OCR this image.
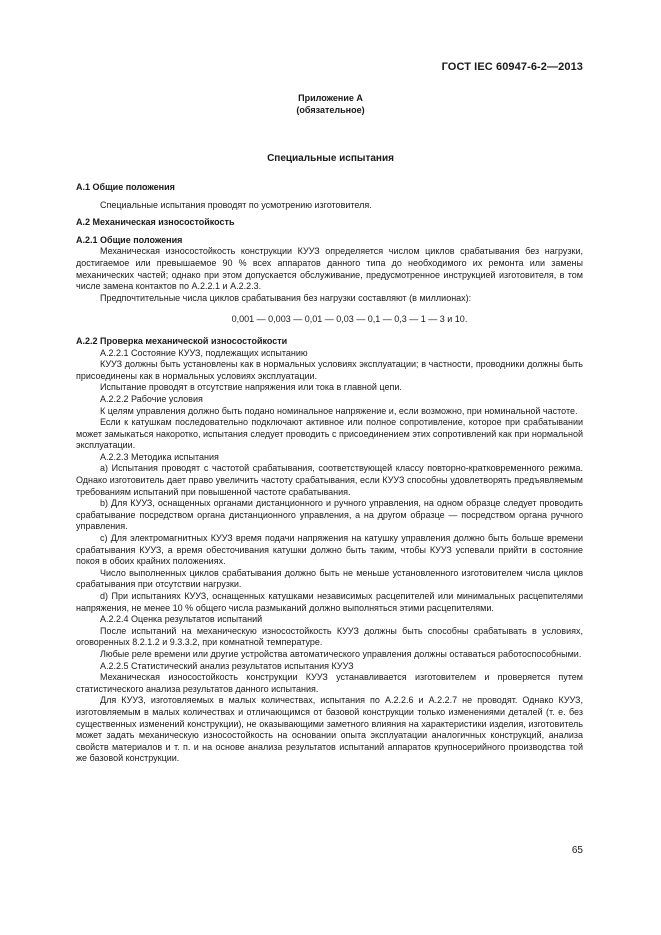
ГОСТ IEC 60947-6-2—2013
Приложение А
(обязательное)
Специальные испытания

А.1 Общие положения

Специальные испытания проводят по усмотрению изготовителя.

А.2 Механическая износостойкость

А.2.1 Общие положения

Механическая износостойкость конструкции КУУЗ определяется числом циклов срабатывания без нагрузки, достигаемое или превышаемое 90 % всех аппаратов данного типа до необходимого их ремонта или замены механических частей; однако при этом допускается обслуживание, предусмотренное инструкцией изготовителя, в том числе замена контактов по А.2.2.1 и А.2.2.3.

Предпочтительные числа циклов срабатывания без нагрузки составляют (в миллионах):

0,001 — 0,003 — 0,01 — 0,03 — 0,1 — 0,3 — 1 — 3 и 10.

А.2.2 Проверка механической износостойкости

А.2.2.1 Состояние КУУЗ, подлежащих испытанию

КУУЗ должны быть установлены как в нормальных условиях эксплуатации; в частности, проводники должны быть присоединены как в нормальных условиях эксплуатации.

Испытание проводят в отсутствие напряжения или тока в главной цепи.

А.2.2.2 Рабочие условия

К целям управления должно быть подано номинальное напряжение и, если возможно, при номинальной частоте.

Если к катушкам последовательно подключают активное или полное сопротивление, которое при срабатывании может замыкаться накоротко, испытания следует проводить с присоединением этих сопротивлений как при нормальной эксплуатации.

А.2.2.3 Методика испытания

а) Испытания проводят с частотой срабатывания, соответствующей классу повторно-кратковременного режима. Однако изготовитель дает право увеличить частоту срабатывания, если КУУЗ способны удовлетворять предъявляемым требованиям испытаний при повышенной частоте срабатывания.

b) Для КУУЗ, оснащенных органами дистанционного и ручного управления, на одном образце следует проводить срабатывание посредством органа дистанционного управления, а на другом образце — посредством органа ручного управления.

c) Для электромагнитных КУУЗ время подачи напряжения на катушку управления должно быть больше времени срабатывания КУУЗ, а время обесточивания катушки должно быть таким, чтобы КУУЗ успевали прийти в состояние покоя в обоих крайних положениях.

Число выполненных циклов срабатывания должно быть не меньше установленного изготовителем числа циклов срабатывания при отсутствии нагрузки.

d) При испытаниях КУУЗ, оснащенных катушками независимых расцепителей или минимальных расцепителями напряжения, не менее 10 % общего числа размыканий должно выполняться этими расцепителями.

А.2.2.4 Оценка результатов испытаний

После испытаний на механическую износостойкость КУУЗ должны быть способны срабатывать в условиях, оговоренных 8.2.1.2 и 9.3.3.2, при комнатной температуре.

Любые реле времени или другие устройства автоматического управления должны оставаться работоспособными.

А.2.2.5 Статистический анализ результатов испытания КУУЗ

Механическая износостойкость конструкции КУУЗ устанавливается изготовителем и проверяется путем статистического анализа результатов данного испытания.

Для КУУЗ, изготовляемых в малых количествах, испытания по А.2.2.6 и А.2.2.7 не проводят. Однако КУУЗ, изготовляемым в малых количествах и отличающимся от базовой конструкции только изменениями деталей (т. е. без существенных изменений конструкции), не оказывающими заметного влияния на характеристики изделия, изготовитель может задать механическую износостойкость на основании опыта эксплуатации аналогичных конструкций, анализа свойств материалов и т. п. и на основе анализа результатов испытаний аппаратов крупносерийного производства той же базовой конструкции.

65
